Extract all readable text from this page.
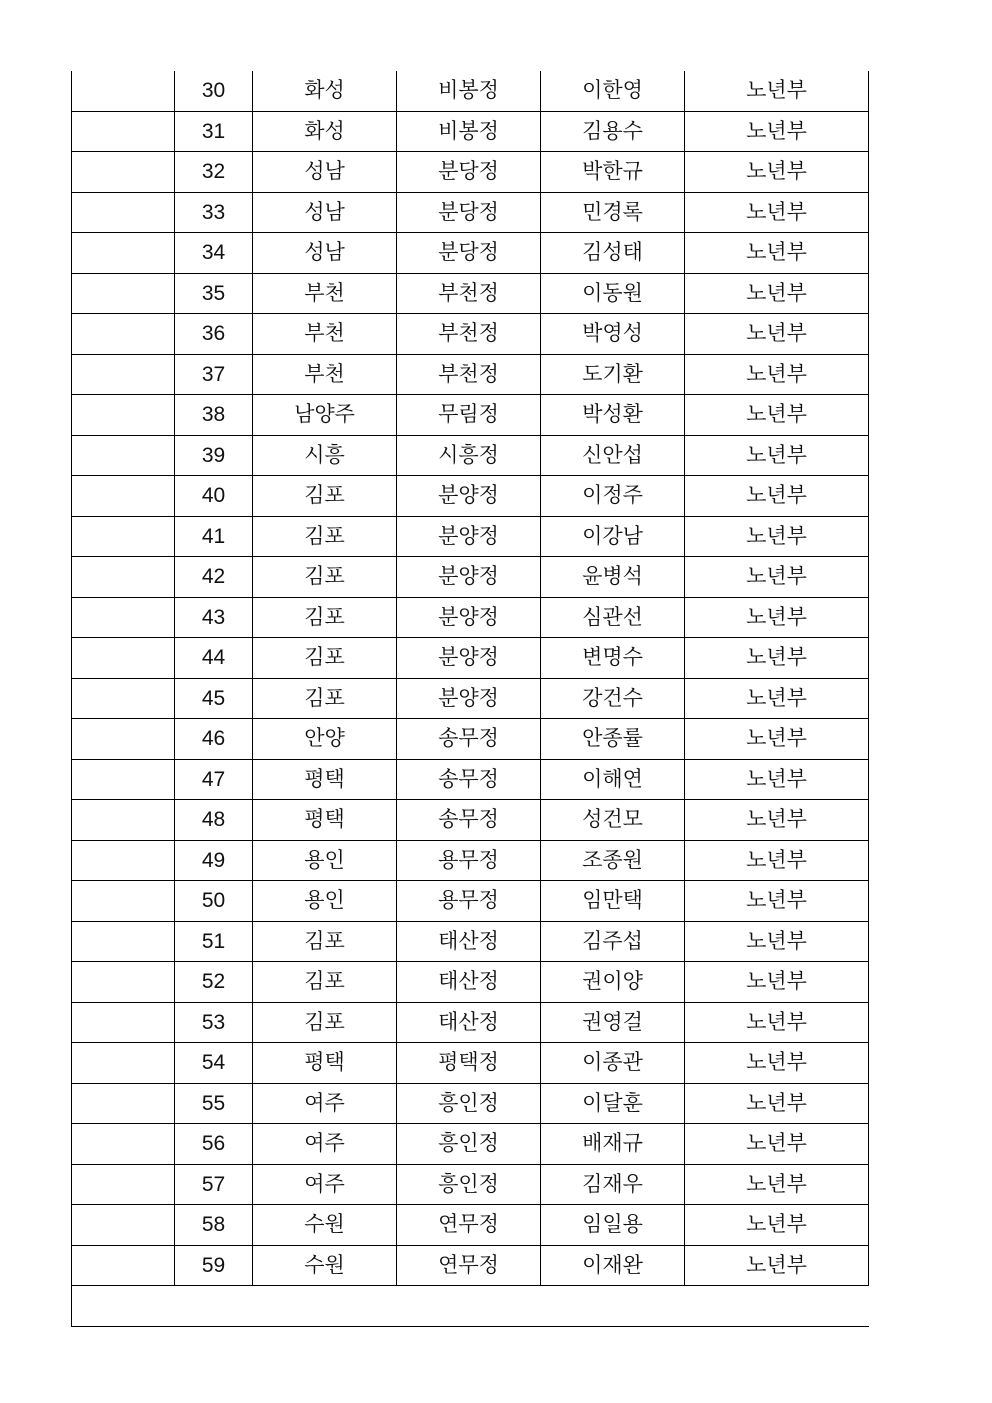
	30	화성	비봉정	이한영	노년부
	31	화성	비봉정	김용수	노년부
	32	성남	분당정	박한규	노년부
	33	성남	분당정	민경록	노년부
	34	성남	분당정	김성태	노년부
	35	부천	부천정	이동원	노년부
	36	부천	부천정	박영성	노년부
	37	부천	부천정	도기환	노년부
	38	남양주	무림정	박성환	노년부
	39	시흥	시흥정	신안섭	노년부
	40	김포	분양정	이정주	노년부
	41	김포	분양정	이강남	노년부
	42	김포	분양정	윤병석	노년부
	43	김포	분양정	심관선	노년부
	44	김포	분양정	변명수	노년부
	45	김포	분양정	강건수	노년부
	46	안양	송무정	안종률	노년부
	47	평택	송무정	이해연	노년부
	48	평택	송무정	성건모	노년부
	49	용인	용무정	조종원	노년부
	50	용인	용무정	임만택	노년부
	51	김포	태산정	김주섭	노년부
	52	김포	태산정	권이양	노년부
	53	김포	태산정	권영걸	노년부
	54	평택	평택정	이종관	노년부
	55	여주	흥인정	이달훈	노년부
	56	여주	흥인정	배재규	노년부
	57	여주	흥인정	김재우	노년부
	58	수원	연무정	임일용	노년부
	59	수원	연무정	이재완	노년부
